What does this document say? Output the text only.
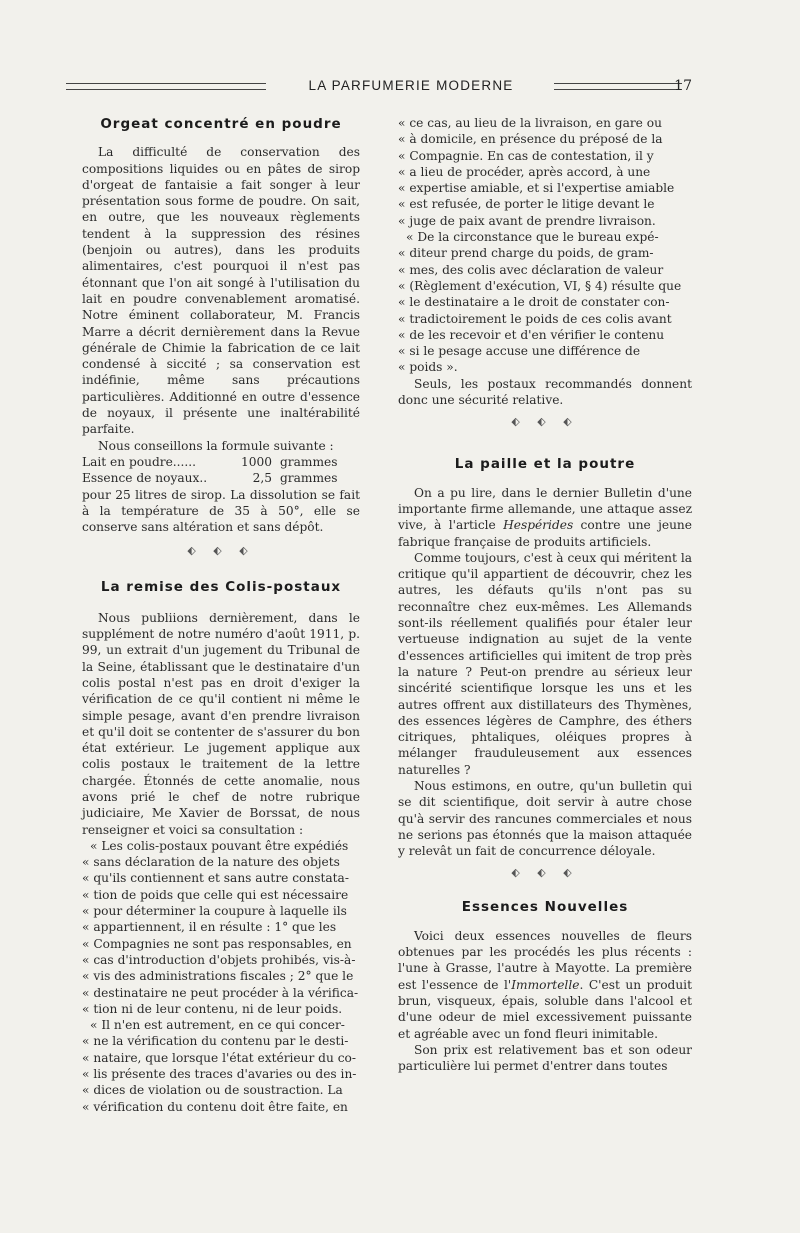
LA PARFUMERIE MODERNE	17
Orgeat concentré en poudre

La difficulté de conservation des compositions liquides ou en pâtes de sirop d'orgeat de fantaisie a fait songer à leur présentation sous forme de poudre. On sait, en outre, que les nouveaux règlements tendent à la suppression des résines (benjoin ou autres), dans les produits alimentaires, c'est pourquoi il n'est pas étonnant que l'on ait songé à l'utilisation du lait en poudre convenablement aromatisé. Notre éminent collaborateur, M. Francis Marre a décrit dernièrement dans la Revue générale de Chimie la fabrication de ce lait condensé à siccité ; sa conservation est indéfinie, même sans précautions particulières. Additionné en outre d'essence de noyaux, il présente une inaltérabilité parfaite.

Nous conseillons la formule suivante :

Lait en poudre......	1000 grammes
Essence de noyaux..	2,5 grammes

pour 25 litres de sirop. La dissolution se fait à la température de 35 à 50°, elle se conserve sans altération et sans dépôt.

⬖ ⬖ ⬖
La remise des Colis-postaux

Nous publiions dernièrement, dans le supplément de notre numéro d'août 1911, p. 99, un extrait d'un jugement du Tribunal de la Seine, établissant que le destinataire d'un colis postal n'est pas en droit d'exiger la vérification de ce qu'il contient ni même le simple pesage, avant d'en prendre livraison et qu'il doit se contenter de s'assurer du bon état extérieur. Le jugement applique aux colis postaux le traitement de la lettre chargée. Étonnés de cette anomalie, nous avons prié le chef de notre rubrique judiciaire, Me Xavier de Borssat, de nous renseigner et voici sa consultation :

« Les colis-postaux pouvant être expédiés
« sans déclaration de la nature des objets
« qu'ils contiennent et sans autre constata-
« tion de poids que celle qui est nécessaire
« pour déterminer la coupure à laquelle ils
« appartiennent, il en résulte : 1° que les
« Compagnies ne sont pas responsables, en
« cas d'introduction d'objets prohibés, vis-à-
« vis des administrations fiscales ; 2° que le
« destinataire ne peut procéder à la vérifica-
« tion ni de leur contenu, ni de leur poids.
« Il n'en est autrement, en ce qui concer-
« ne la vérification du contenu par le desti-
« nataire, que lorsque l'état extérieur du co-
« lis présente des traces d'avaries ou des in-
« dices de violation ou de soustraction. La
« vérification du contenu doit être faite, en
« ce cas, au lieu de la livraison, en gare ou
« à domicile, en présence du préposé de la
« Compagnie. En cas de contestation, il y
« a lieu de procéder, après accord, à une
« expertise amiable, et si l'expertise amiable
« est refusée, de porter le litige devant le
« juge de paix avant de prendre livraison.
« De la circonstance que le bureau expé-
« diteur prend charge du poids, de gram-
« mes, des colis avec déclaration de valeur
« (Règlement d'exécution, VI, § 4) résulte que
« le destinataire a le droit de constater con-
« tradictoirement le poids de ces colis avant
« de les recevoir et d'en vérifier le contenu
« si le pesage accuse une différence de
« poids ».

Seuls, les postaux recommandés donnent donc une sécurité relative.

⬖ ⬖ ⬖
La paille et la poutre

On a pu lire, dans le dernier Bulletin d'une importante firme allemande, une attaque assez vive, à l'article Hespérides contre une jeune fabrique française de produits artificiels.

Comme toujours, c'est à ceux qui méritent la critique qu'il appartient de découvrir, chez les autres, les défauts qu'ils n'ont pas su reconnaître chez eux-mêmes. Les Allemands sont-ils réellement qualifiés pour étaler leur vertueuse indignation au sujet de la vente d'essences artificielles qui imitent de trop près la nature ? Peut-on prendre au sérieux leur sincérité scientifique lorsque les uns et les autres offrent aux distillateurs des Thymènes, des essences légères de Camphre, des éthers citriques, phtaliques, oléiques propres à mélanger frauduleusement aux essences naturelles ?

Nous estimons, en outre, qu'un bulletin qui se dit scientifique, doit servir à autre chose qu'à servir des rancunes commerciales et nous ne serions pas étonnés que la maison attaquée y relevât un fait de concurrence déloyale.

⬖ ⬖ ⬖
Essences Nouvelles

Voici deux essences nouvelles de fleurs obtenues par les procédés les plus récents : l'une à Grasse, l'autre à Mayotte. La première est l'essence de l'Immortelle. C'est un produit brun, visqueux, épais, soluble dans l'alcool et d'une odeur de miel excessivement puissante et agréable avec un fond fleuri inimitable.

Son prix est relativement bas et son odeur particulière lui permet d'entrer dans toutes
